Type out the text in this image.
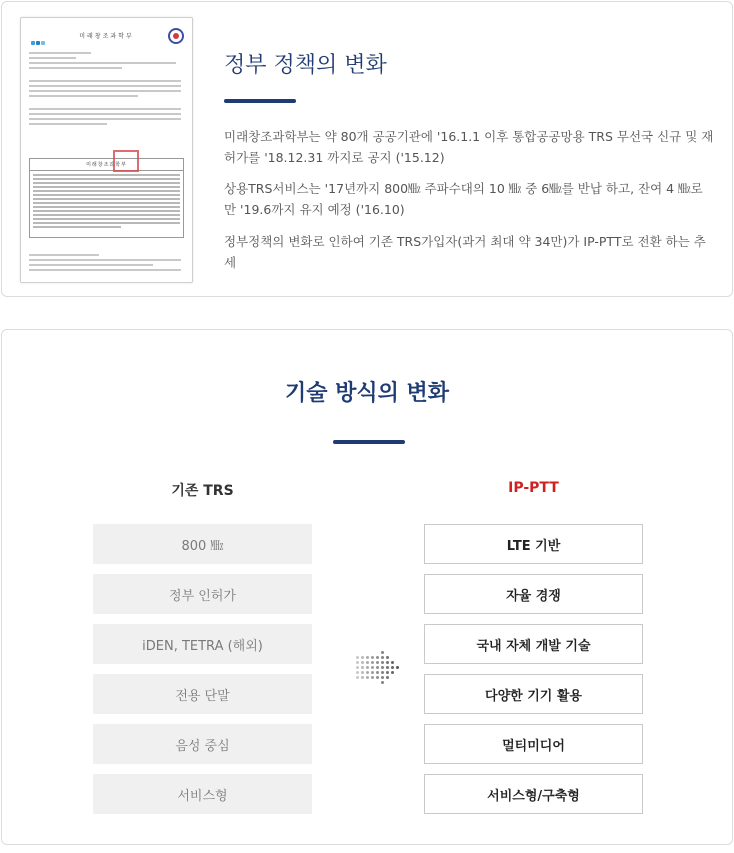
미래창조과학부
미래창조과학부
정부 정책의 변화

미래창조과학부는 약 80개 공공기관에 '16.1.1 이후 통합공공망용 TRS 무선국 신규 및 재허가를 '18.12.31 까지로 공지 ('15.12)

상용TRS서비스는 '17년까지 800㎒ 주파수대의 10 ㎒ 중 6㎒를 반납 하고, 잔여 4 ㎒로만 '19.6까지 유지 예정 ('16.10)

정부정책의 변화로 인하여 기존 TRS가입자(과거 최대 약 34만)가 IP-PTT로 전환 하는 추세

기술 방식의 변화
기존 TRS	IP-PTT
800 ㎒
정부 인허가
iDEN, TETRA (해외)
전용 단말
음성 중심
서비스형
LTE 기반
자율 경쟁
국내 자체 개발 기술
다양한 기기 활용
멀티미디어
서비스형/구축형
